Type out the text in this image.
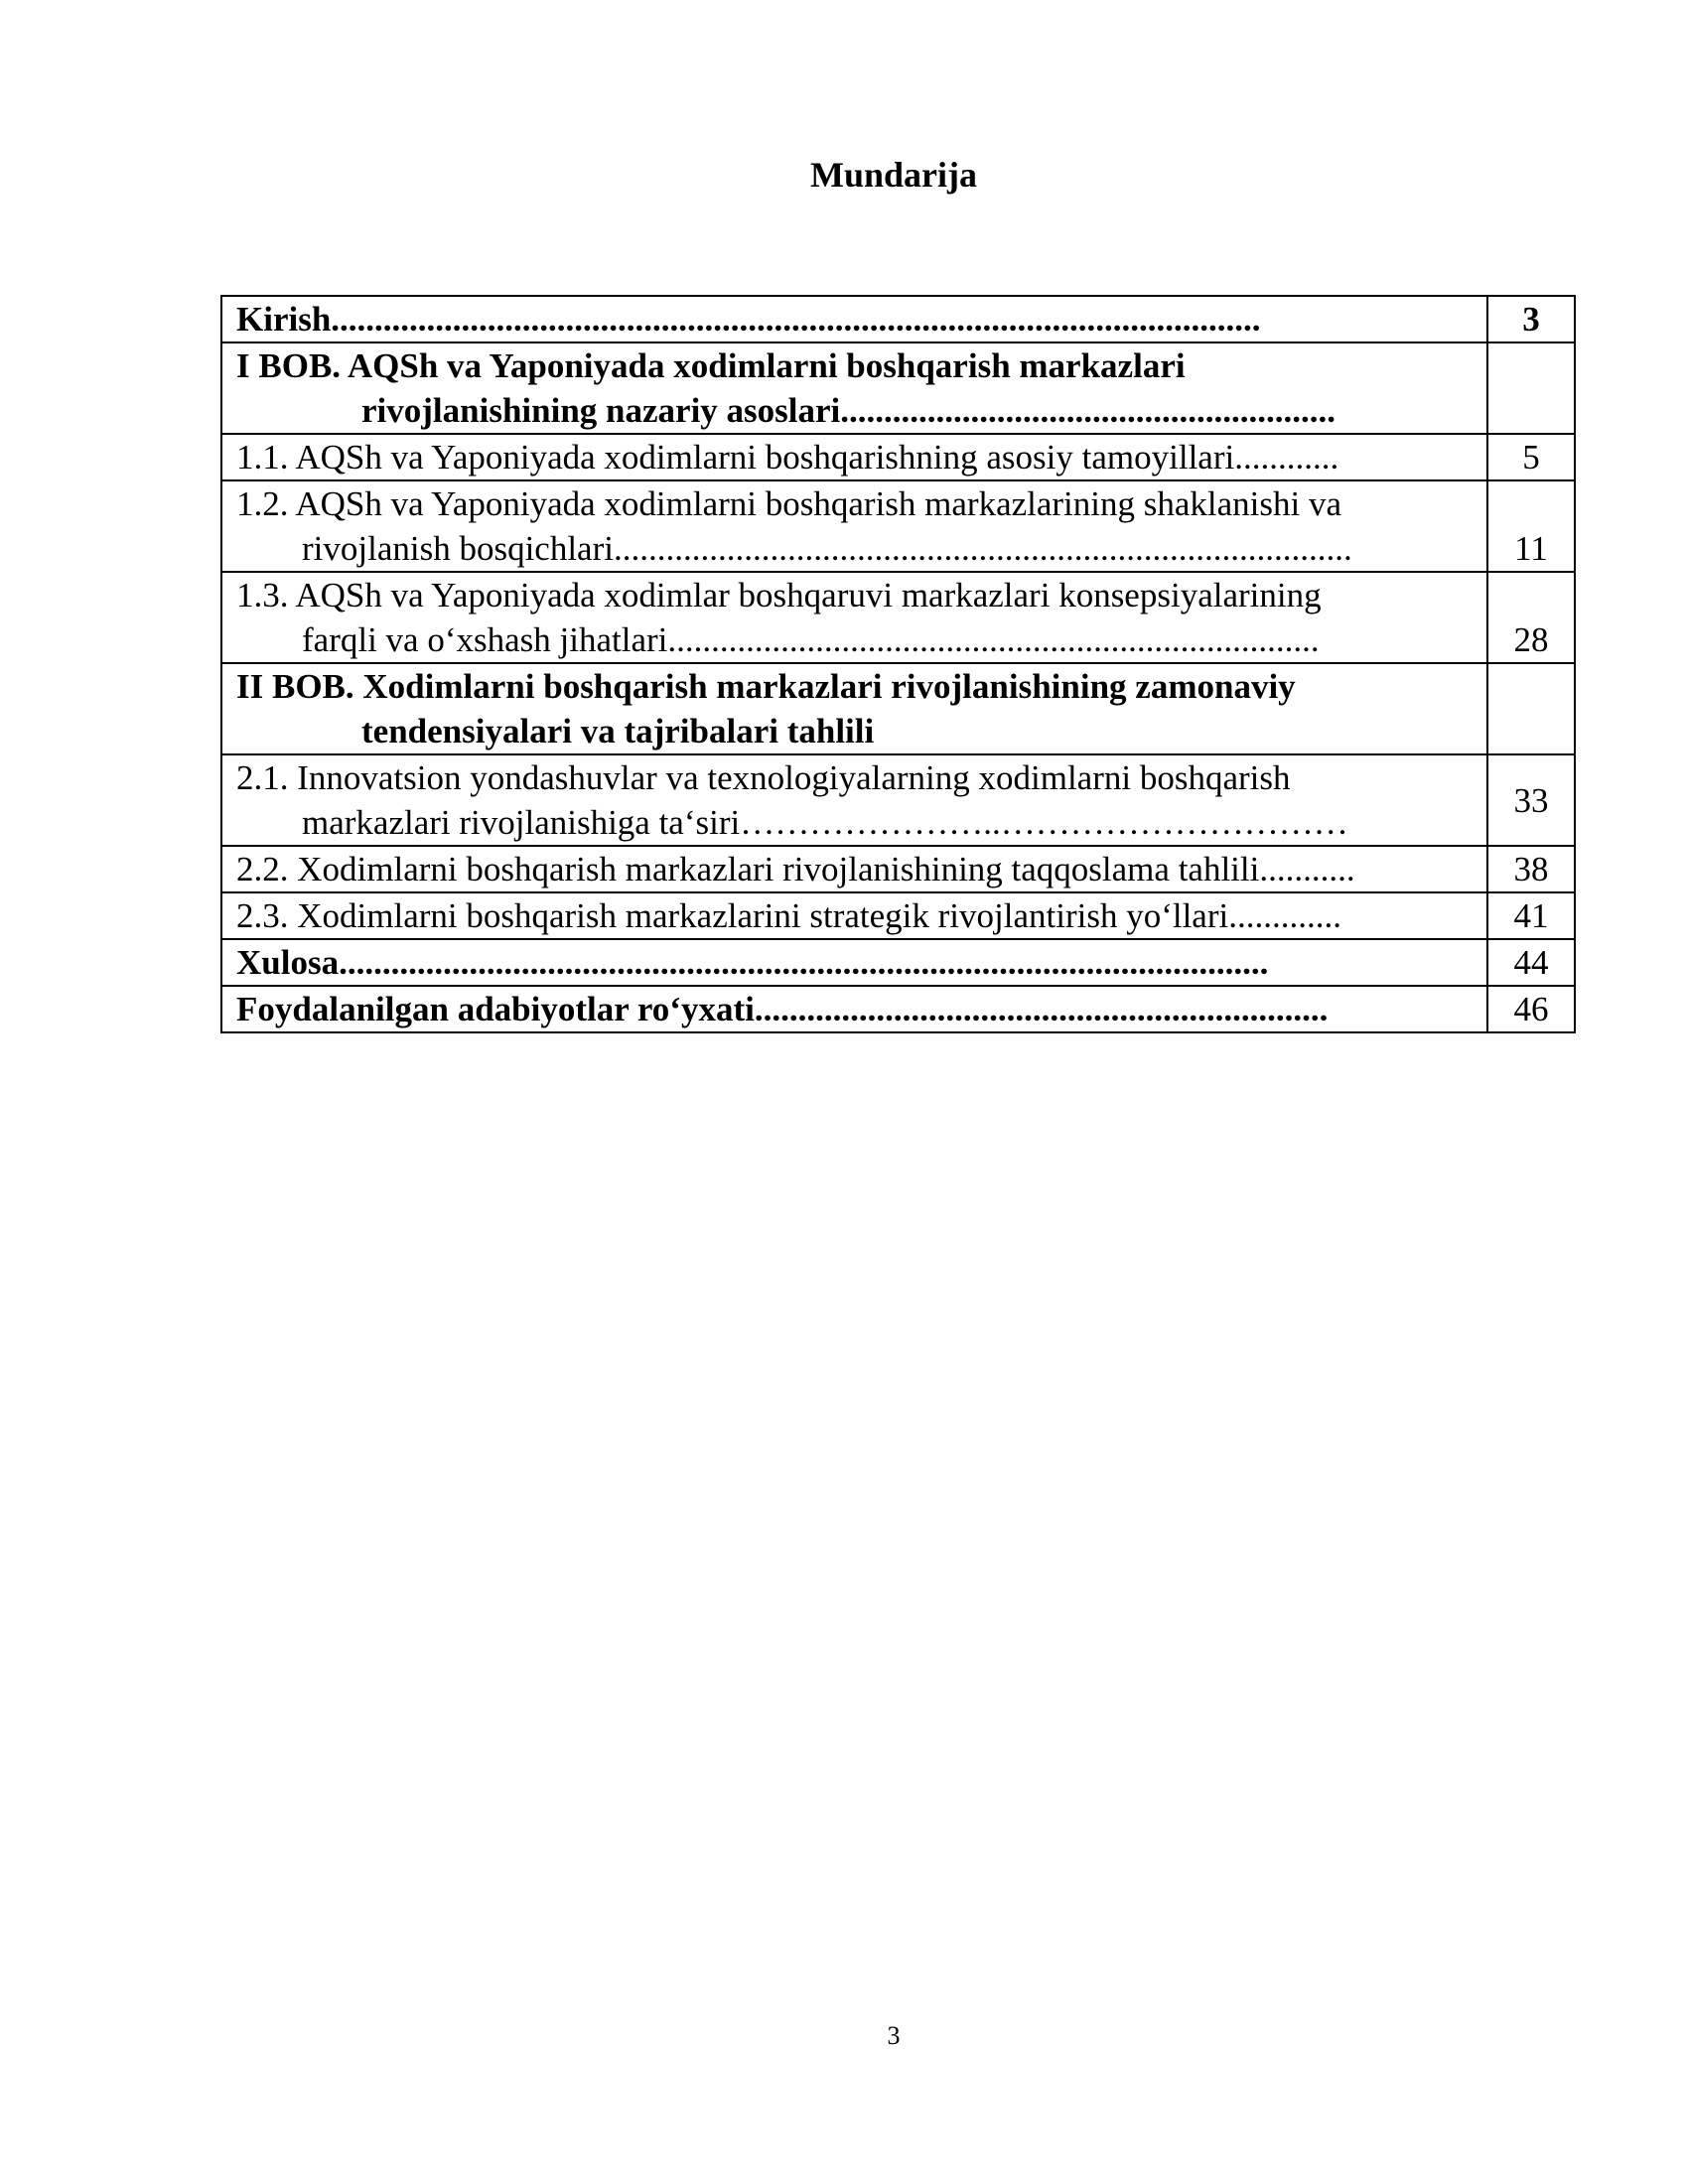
Mundarija
Kirish...........................................................................................................	3
I BOB. AQSh va Yaponiyada xodimlarni boshqarish markazlari
rivojlanishining nazariy asoslari.........................................................	

1.1. AQSh va Yaponiyada xodimlarni boshqarishning asosiy tamoyillari............	5
1.2. AQSh va Yaponiyada xodimlarni boshqarish markazlarining shaklanishi va
rivojlanish bosqichlari.....................................................................................	11
1.3. AQSh va Yaponiyada xodimlar boshqaruvi markazlari konsepsiyalarining
farqli va o‘xshash jihatlari...........................................................................	28
II BOB. Xodimlarni boshqarish markazlari rivojlanishining zamonaviy
tendensiyalari va tajribalari tahlili	

2.1. Innovatsion yondashuvlar va texnologiyalarning xodimlarni boshqarish
markazlari rivojlanishiga ta‘siri…………………..…………………………	33
2.2. Xodimlarni boshqarish markazlari rivojlanishining taqqoslama tahlili...........	38
2.3. Xodimlarni boshqarish markazlarini strategik rivojlantirish yo‘llari.............	41
Xulosa...........................................................................................................	44
Foydalanilgan adabiyotlar ro‘yxati..................................................................	46
3
